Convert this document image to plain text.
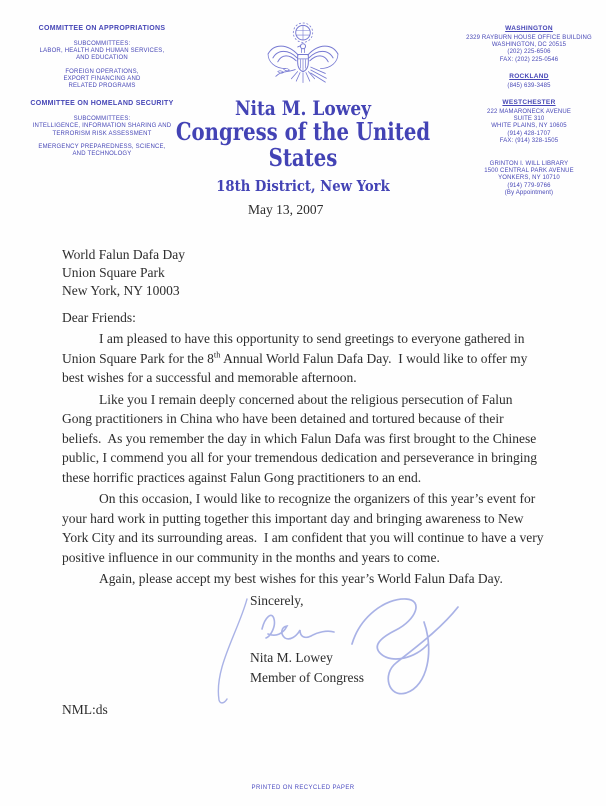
COMMITTEE ON APPROPRIATIONS
SUBCOMMITTEES:
LABOR, HEALTH AND HUMAN SERVICES,
AND EDUCATION
FOREIGN OPERATIONS,
EXPORT FINANCING AND
RELATED PROGRAMS
COMMITTEE ON HOMELAND SECURITY
SUBCOMMITTEES:
INTELLIGENCE, INFORMATION SHARING AND
TERRORISM RISK ASSESSMENT
EMERGENCY PREPAREDNESS, SCIENCE,
AND TECHNOLOGY
WASHINGTON
2329 RAYBURN HOUSE OFFICE BUILDING
WASHINGTON, DC 20515
(202) 225-6506
FAX: (202) 225-0546
ROCKLAND
(845) 639-3485
WESTCHESTER
222 MAMARONECK AVENUE
SUITE 310
WHITE PLAINS, NY 10605
(914) 428-1707
FAX: (914) 328-1505
GRINTON I. WILL LIBRARY
1500 CENTRAL PARK AVENUE
YONKERS, NY 10710
(914) 779-9766
(By Appointment)
Nita M. Lowey
Congress of the United States
18th District, New York
May 13, 2007
World Falun Dafa Day
Union Square Park
New York, NY 10003
Dear Friends:

I am pleased to have this opportunity to send greetings to everyone gathered in Union Square Park for the 8th Annual World Falun Dafa Day.  I would like to offer my best wishes for a successful and memorable afternoon.

Like you I remain deeply concerned about the religious persecution of Falun Gong practitioners in China who have been detained and tortured because of their beliefs.  As you remember the day in which Falun Dafa was first brought to the Chinese public, I commend you all for your tremendous dedication and perseverance in bringing these horrific practices against Falun Gong practitioners to an end.

On this occasion, I would like to recognize the organizers of this year’s event for your hard work in putting together this important day and bringing awareness to New York City and its surrounding areas.  I am confident that you will continue to have a very positive influence in our community in the months and years to come.

Again, please accept my best wishes for this year’s World Falun Dafa Day.

Sincerely,
Nita M. Lowey
Member of Congress
NML:ds
PRINTED ON RECYCLED PAPER
